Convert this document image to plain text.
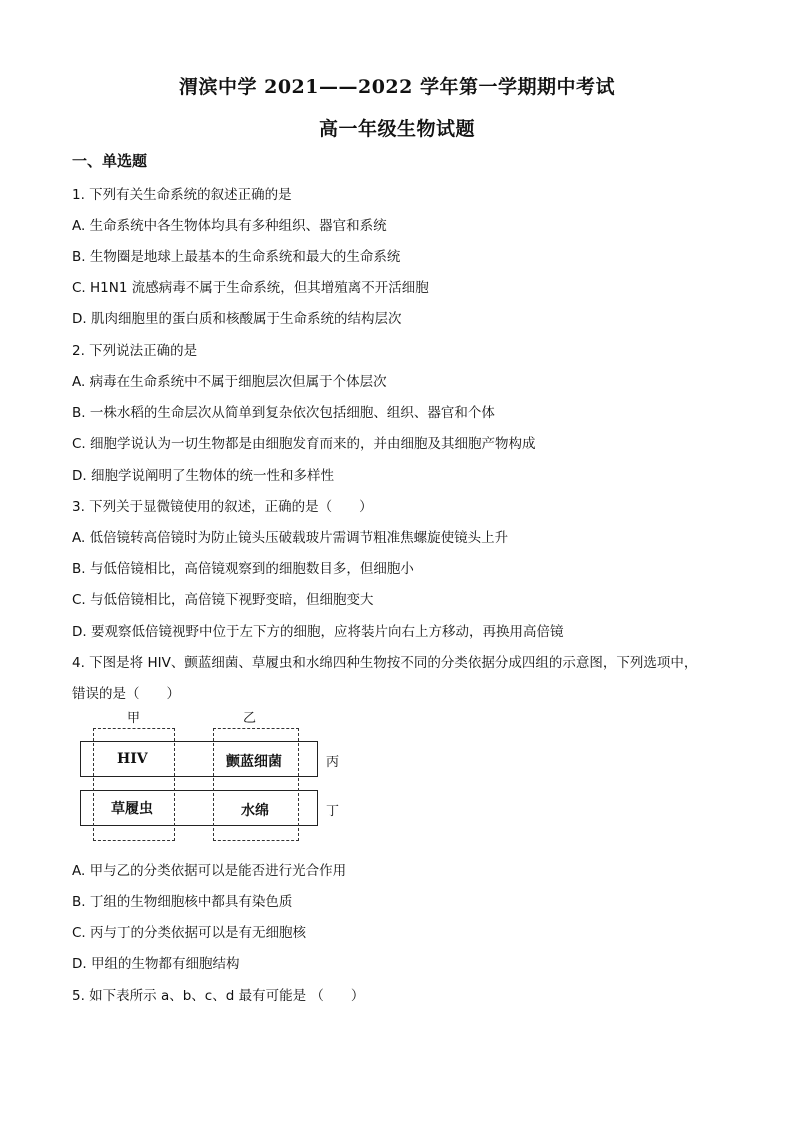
渭滨中学 2021——2022 学年第一学期期中考试
高一年级生物试题
一、单选题
1. 下列有关生命系统的叙述正确的是
A. 生命系统中各生物体均具有多种组织、器官和系统
B. 生物圈是地球上最基本的生命系统和最大的生命系统
C. H1N1 流感病毒不属于生命系统，但其增殖离不开活细胞
D. 肌肉细胞里的蛋白质和核酸属于生命系统的结构层次
2. 下列说法正确的是
A. 病毒在生命系统中不属于细胞层次但属于个体层次
B. 一株水稻的生命层次从简单到复杂依次包括细胞、组织、器官和个体
C. 细胞学说认为一切生物都是由细胞发育而来的，并由细胞及其细胞产物构成
D. 细胞学说阐明了生物体的统一性和多样性
3. 下列关于显微镜使用的叙述，正确的是（　　）
A. 低倍镜转高倍镜时为防止镜头压破载玻片需调节粗准焦螺旋使镜头上升
B. 与低倍镜相比，高倍镜观察到的细胞数目多，但细胞小
C. 与低倍镜相比，高倍镜下视野变暗，但细胞变大
D. 要观察低倍镜视野中位于左下方的细胞，应将装片向右上方移动，再换用高倍镜
4. 下图是将 HIV、颤蓝细菌、草履虫和水绵四种生物按不同的分类依据分成四组的示意图，下列选项中，
错误的是（　　）
甲	乙
HIV	颤蓝细菌
草履虫	水绵
丙
丁
A. 甲与乙的分类依据可以是能否进行光合作用
B. 丁组的生物细胞核中都具有染色质
C. 丙与丁的分类依据可以是有无细胞核
D. 甲组的生物都有细胞结构
5. 如下表所示 a、b、c、d 最有可能是 （　　）
